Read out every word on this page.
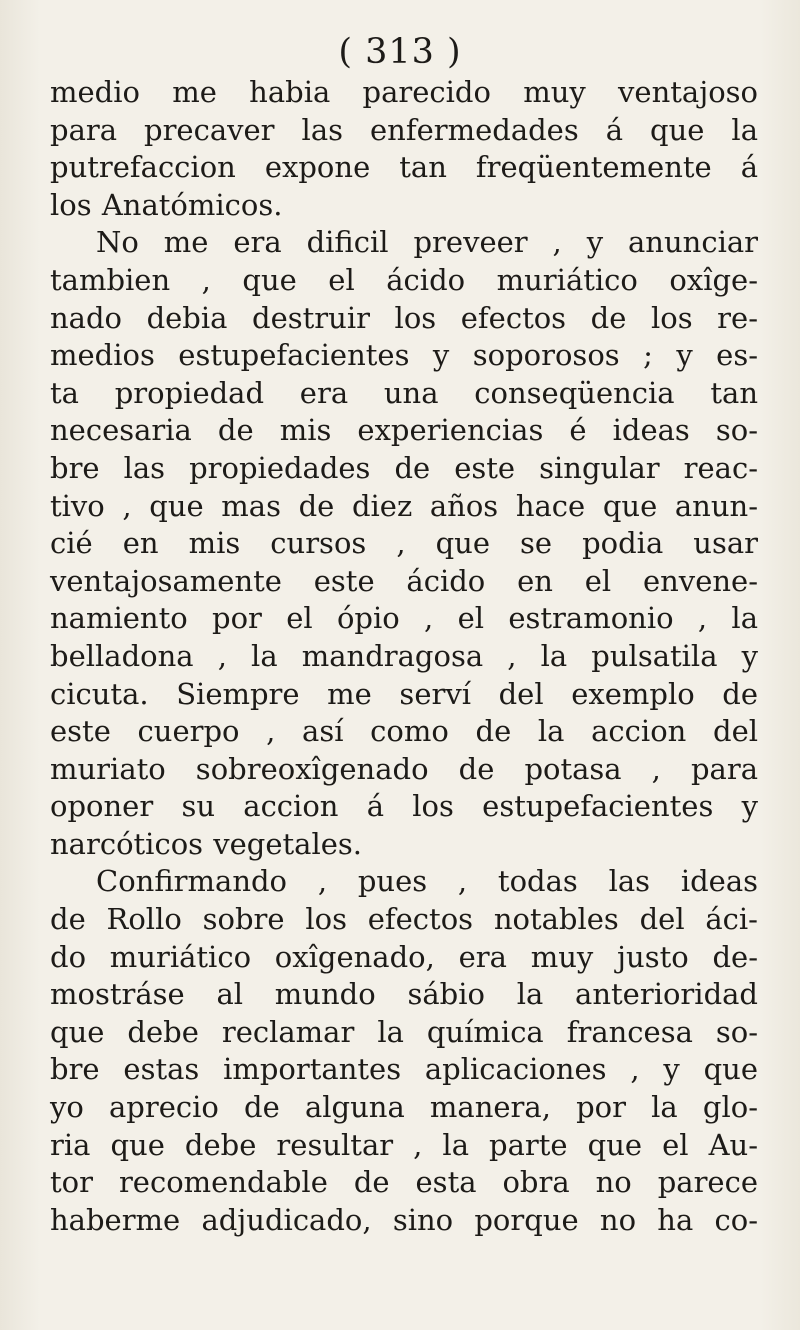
( 313 )
medio me habia parecido muy ventajoso
para precaver las enfermedades á que la
putrefaccion expone tan freqüentemente á
los Anatómicos.
No me era dificil preveer , y anunciar
tambien , que el ácido muriático oxîge-
nado debia destruir los efectos de los re-
medios estupefacientes y soporosos ; y es-
ta propiedad era una conseqüencia tan
necesaria de mis experiencias é ideas so-
bre las propiedades de este singular reac-
tivo , que mas de diez años hace que anun-
cié en mis cursos , que se podia usar
ventajosamente este ácido en el envene-
namiento por el ópio , el estramonio , la
belladona , la mandragosa , la pulsatila y
cicuta. Siempre me serví del exemplo de
este cuerpo , así como de la accion del
muriato sobreoxîgenado de potasa , para
oponer su accion á los estupefacientes y
narcóticos vegetales.
Confirmando , pues , todas las ideas
de Rollo sobre los efectos notables del áci-
do muriático oxîgenado, era muy justo de-
mostráse al mundo sábio la anterioridad
que debe reclamar la química francesa so-
bre estas importantes aplicaciones , y que
yo aprecio de alguna manera, por la glo-
ria que debe resultar , la parte que el Au-
tor recomendable de esta obra no parece
haberme adjudicado, sino porque no ha co-
